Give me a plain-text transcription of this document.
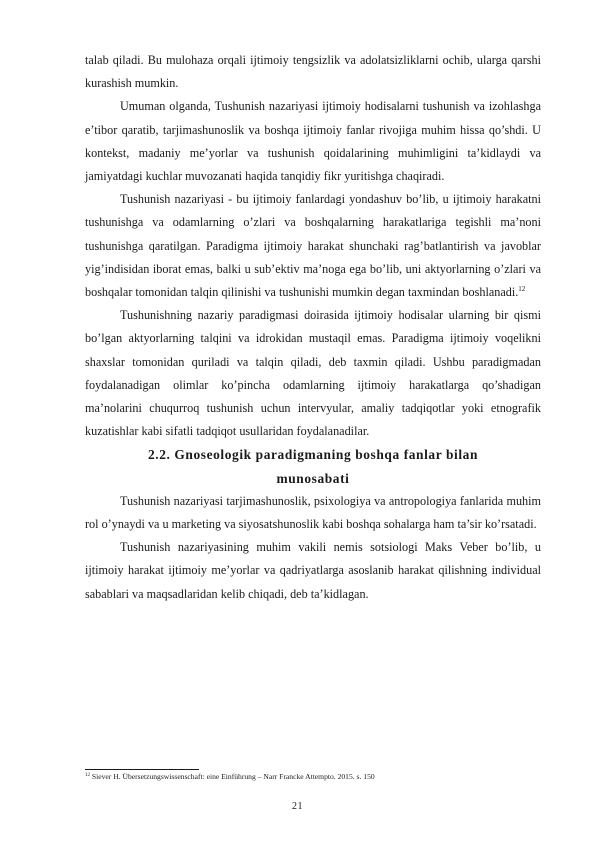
talab qiladi. Bu mulohaza orqali ijtimoiy tengsizlik va adolatsizliklarni ochib, ularga qarshi kurashish mumkin.

Umuman olganda, Tushunish nazariyasi ijtimoiy hodisalarni tushunish va izohlashga e’tibor qaratib, tarjimashunoslik va boshqa ijtimoiy fanlar rivojiga muhim hissa qo’shdi. U kontekst, madaniy me’yorlar va tushunish qoidalarining muhimligini ta’kidlaydi va jamiyatdagi kuchlar muvozanati haqida tanqidiy fikr yuritishga chaqiradi.

Tushunish nazariyasi - bu ijtimoiy fanlardagi yondashuv bo’lib, u ijtimoiy harakatni tushunishga va odamlarning o’zlari va boshqalarning harakatlariga tegishli ma’noni tushunishga qaratilgan. Paradigma ijtimoiy harakat shunchaki rag’batlantirish va javoblar yig’indisidan iborat emas, balki u sub’ektiv ma’noga ega bo’lib, uni aktyorlarning o’zlari va boshqalar tomonidan talqin qilinishi va tushunishi mumkin degan taxmindan boshlanadi.$^{12}$

Tushunishning nazariy paradigmasi doirasida ijtimoiy hodisalar ularning bir qismi bo’lgan aktyorlarning talqini va idrokidan mustaqil emas. Paradigma ijtimoiy voqelikni shaxslar tomonidan quriladi va talqin qiladi, deb taxmin qiladi. Ushbu paradigmadan foydalanadigan olimlar ko’pincha odamlarning ijtimoiy harakatlarga qo’shadigan ma’nolarini chuqurroq tushunish uchun intervyular, amaliy tadqiqotlar yoki etnografik kuzatishlar kabi sifatli tadqiqot usullaridan foydalanadilar.

2.2. Gnoseologik paradigmaning boshqa fanlar bilan
munosabati

Tushunish nazariyasi tarjimashunoslik, psixologiya va antropologiya fanlarida muhim rol o’ynaydi va u marketing va siyosatshunoslik kabi boshqa sohalarga ham ta’sir ko’rsatadi.

Tushunish nazariyasining muhim vakili nemis sotsiologi Maks Veber bo’lib, u ijtimoiy harakat ijtimoiy me’yorlar va qadriyatlarga asoslanib harakat qilishning individual sabablari va maqsadlaridan kelib chiqadi, deb ta’kidlagan.

$^{12}$ Siever H. Übersetzungswissenschaft: eine Einführung – Narr Francke Attempto. 2015. s. 150
21
